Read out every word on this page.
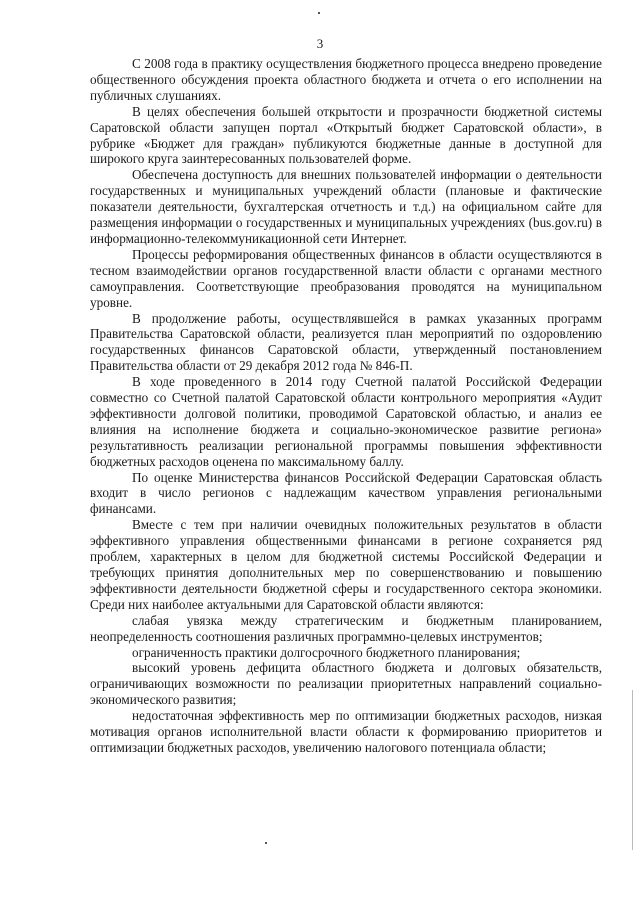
3

С 2008 года в практику осуществления бюджетного процесса внедрено проведение общественного обсуждения проекта областного бюджета и отчета о его исполнении на публичных слушаниях.

В целях обеспечения большей открытости и прозрачности бюджетной системы Саратовской области запущен портал «Открытый бюджет Саратовской области», в рубрике «Бюджет для граждан» публикуются бюджетные данные в доступной для широкого круга заинтересованных пользователей форме.

Обеспечена доступность для внешних пользователей информации о деятельности государственных и муниципальных учреждений области (плановые и фактические показатели деятельности, бухгалтерская отчетность и т.д.) на официальном сайте для размещения информации о государственных и муниципальных учреждениях (bus.gov.ru) в информационно-телекоммуникационной сети Интернет.

Процессы реформирования общественных финансов в области осуществляются в тесном взаимодействии органов государственной власти области с органами местного самоуправления. Соответствующие преобразования проводятся на муниципальном уровне.

В продолжение работы, осуществлявшейся в рамках указанных программ Правительства Саратовской области, реализуется план мероприятий по оздоровлению государственных финансов Саратовской области, утвержденный постановлением Правительства области от 29 декабря 2012 года № 846-П.

В ходе проведенного в 2014 году Счетной палатой Российской Федерации совместно со Счетной палатой Саратовской области контрольного мероприятия «Аудит эффективности долговой политики, проводимой Саратовской областью, и анализ ее влияния на исполнение бюджета и социально-экономическое развитие региона» результативность реализации региональной программы повышения эффективности бюджетных расходов оценена по максимальному баллу.

По оценке Министерства финансов Российской Федерации Саратовская область входит в число регионов с надлежащим качеством управления региональными финансами.

Вместе с тем при наличии очевидных положительных результатов в области эффективного управления общественными финансами в регионе сохраняется ряд проблем, характерных в целом для бюджетной системы Российской Федерации и требующих принятия дополнительных мер по совершенствованию и повышению эффективности деятельности бюджетной сферы и государственного сектора экономики. Среди них наиболее актуальными для Саратовской области являются:

слабая увязка между стратегическим и бюджетным планированием, неопределенность соотношения различных программно-целевых инструментов;

ограниченность практики долгосрочного бюджетного планирования;

высокий уровень дефицита областного бюджета и долговых обязательств, ограничивающих возможности по реализации приоритетных направлений социально-экономического развития;

недостаточная эффективность мер по оптимизации бюджетных расходов, низкая мотивация органов исполнительной власти области к формированию приоритетов и оптимизации бюджетных расходов, увеличению налогового потенциала области;
